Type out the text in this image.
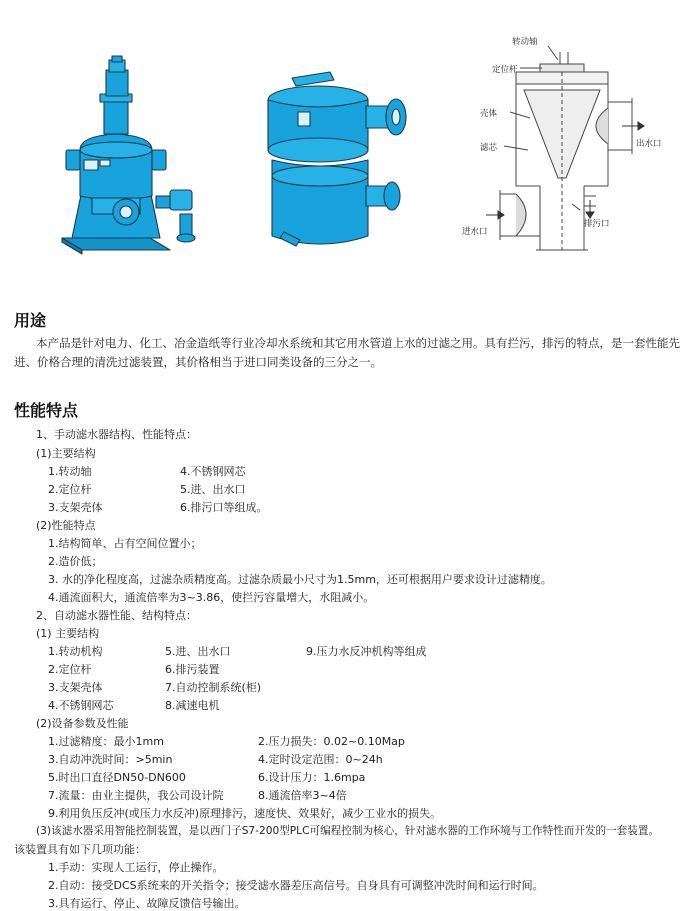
转动轴
定位杆
壳体
滤芯	出水口
排污口
进水口
用途
本产品是针对电力、化工、冶金造纸等行业冷却水系统和其它用水管道上水的过滤之用。具有拦污，排污的特点，是一套性能先
进、价格合理的清洗过滤装置，其价格相当于进口同类设备的三分之一。
性能特点
1、手动滤水器结构、性能特点：
(1)主要结构
1.转动轴	4.不锈钢网芯
2.定位杆	5.进、出水口
3.支架壳体	6.排污口等组成。
(2)性能特点
1.结构简单、占有空间位置小；
2.造价低；
3. 水的净化程度高，过滤杂质精度高。过滤杂质最小尺寸为1.5mm，还可根据用户要求设计过滤精度。
4.通流面积大，通流倍率为3~3.86，使拦污容量增大，水阻减小。
2、自动滤水器性能、结构特点：
(1) 主要结构
1.转动机构	5.进、出水口	9.压力水反冲机构等组成
2.定位杆	6.排污装置
3.支架壳体	7.自动控制系统(柜)
4.不锈钢网芯	8.减速电机
(2)设备参数及性能
1.过滤精度：最小1mm	2.压力损失：0.02~0.10Map
3.自动冲洗时间：>5min	4.定时设定范围：0~24h
5.时出口直径DN50-DN600	6.设计压力：1.6mpa
7.流量：由业主提供，我公司设计院	8.通流倍率3~4倍
9.利用负压反冲(或压力水反冲)原理排污，速度快、效果好，减少工业水的损失。
(3)该滤水器采用智能控制装置，是以西门子S7-200型PLC可编程控制为核心，针对滤水器的工作环境与工作特性而开发的一套装置。
该装置具有如下几项功能：
1.手动：实现人工运行，停止操作。
2.自动：接受DCS系统来的开关指令；接受滤水器差压高信号。自身具有可调整冲洗时间和运行时间。
3.具有运行、停止、故障反馈信号输出。
